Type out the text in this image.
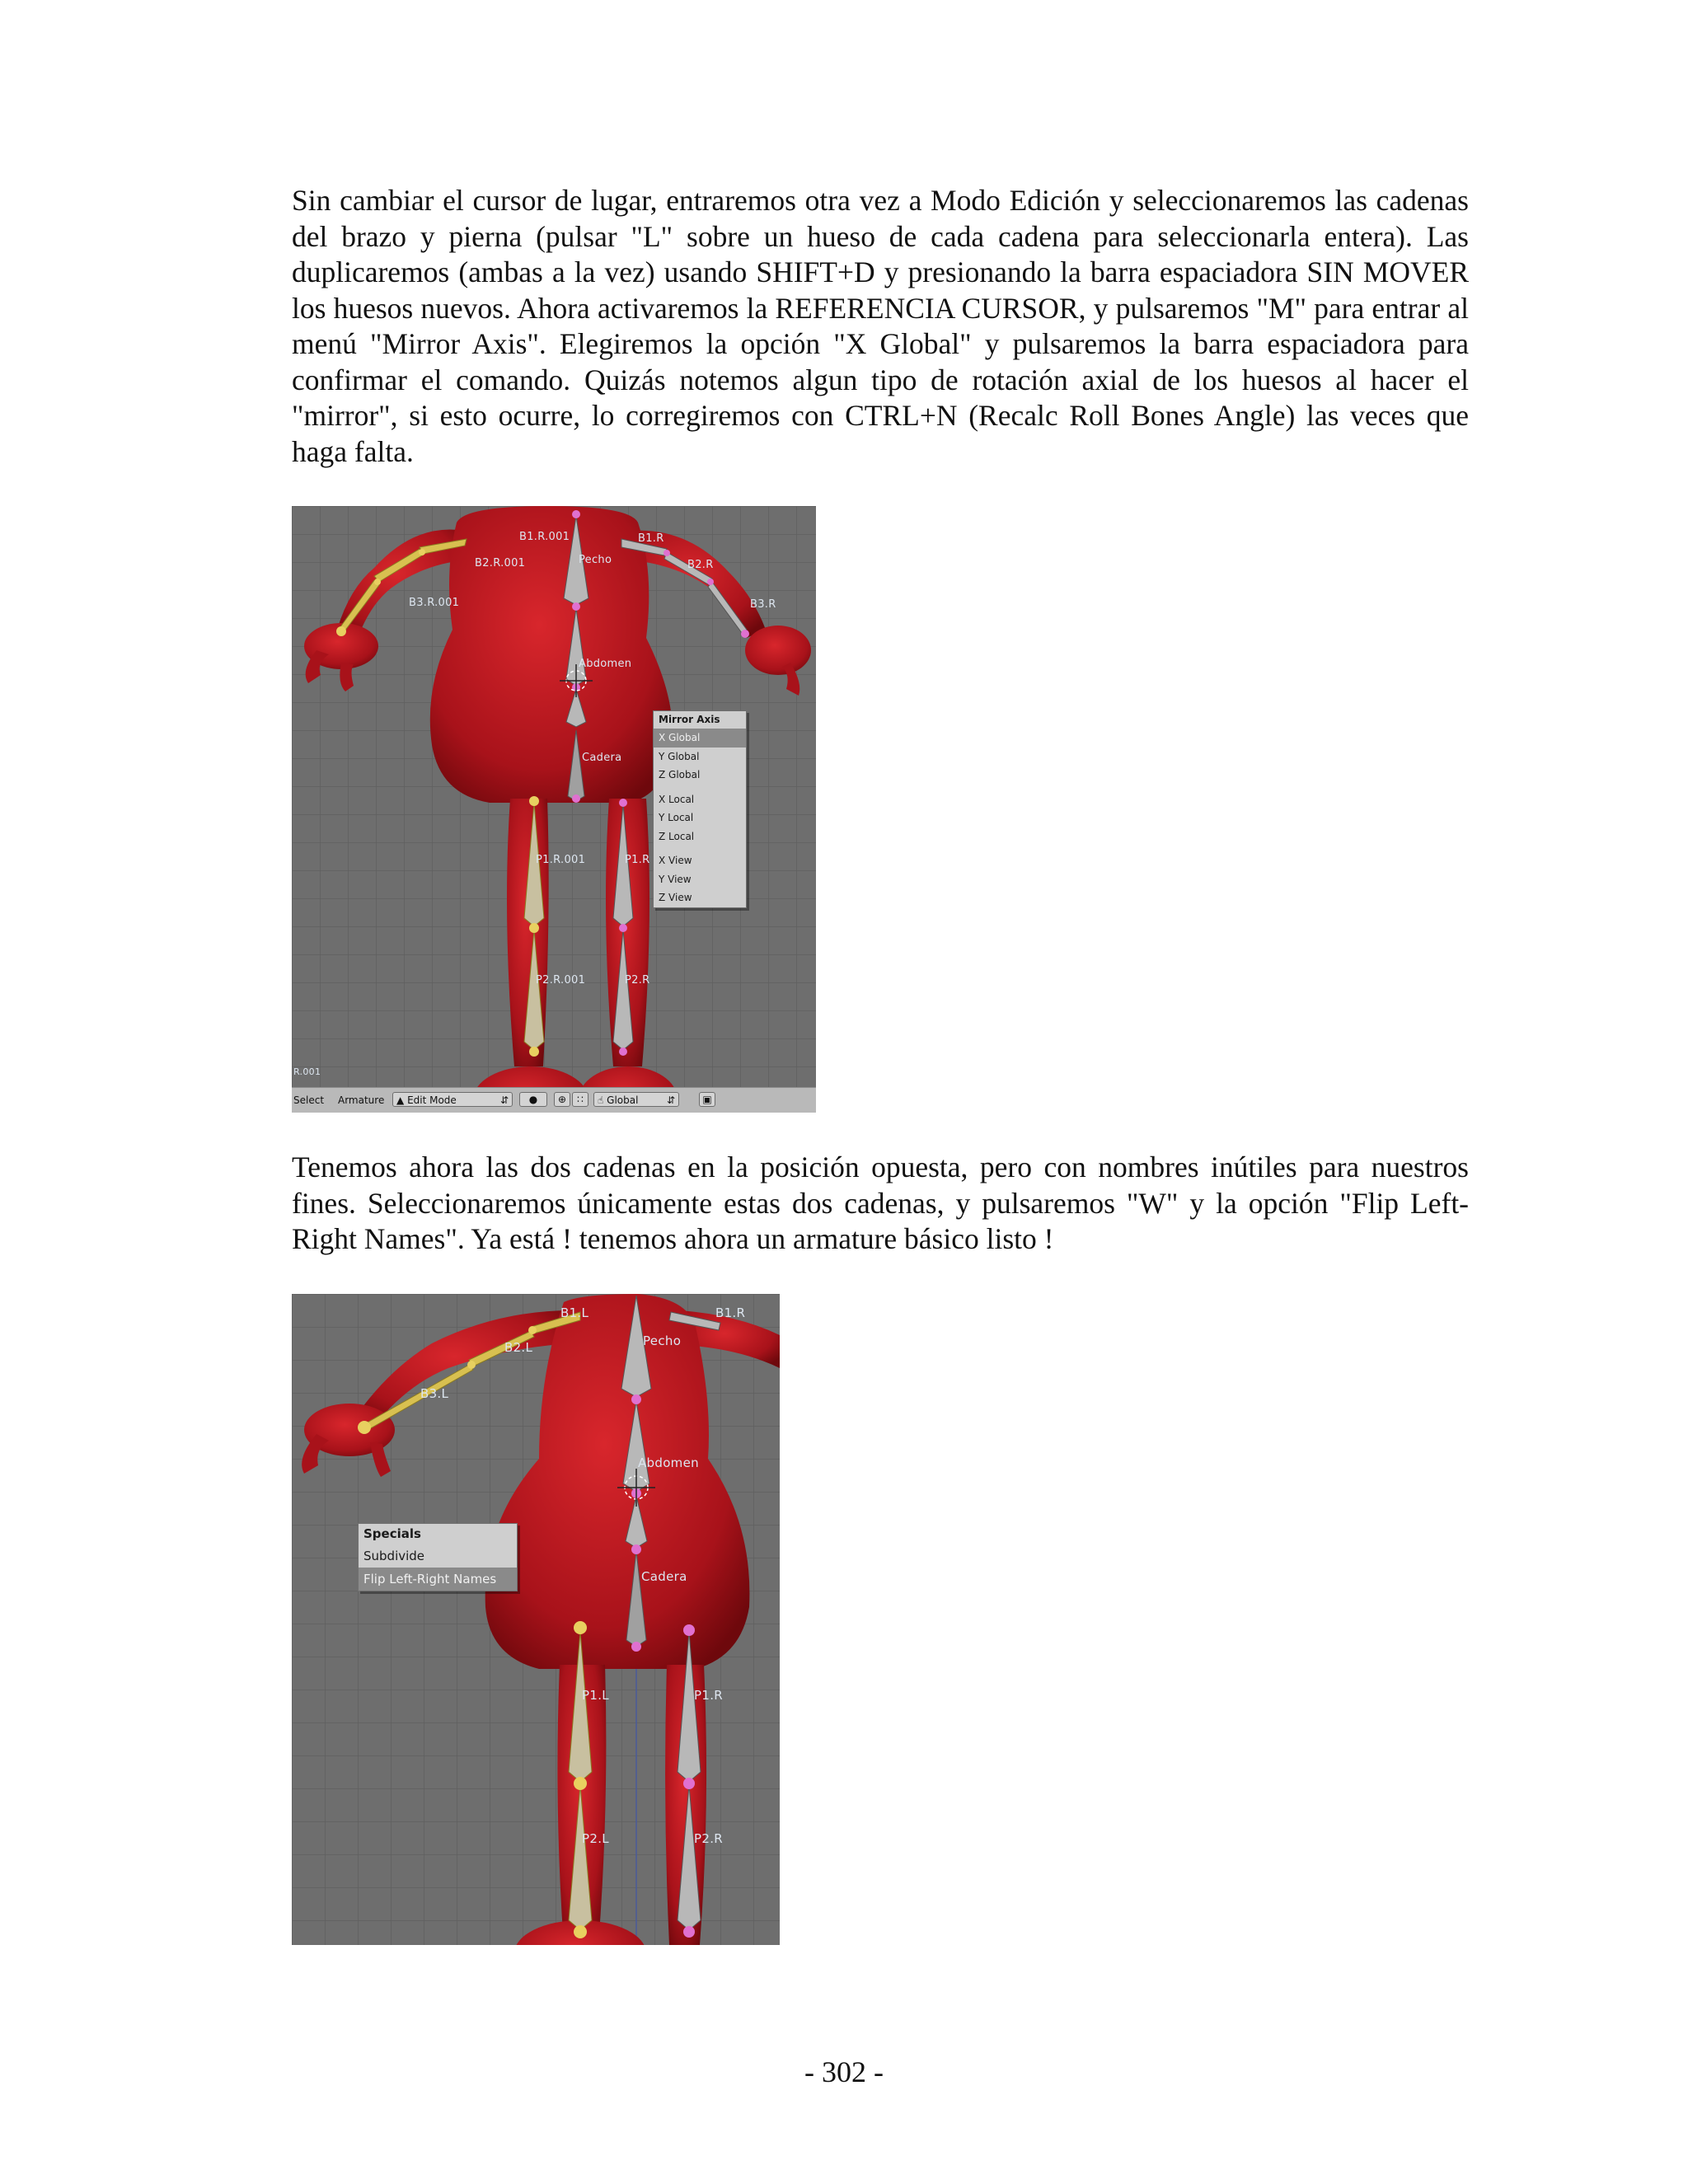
Sin cambiar el cursor de lugar, entraremos otra vez a Modo Edición y seleccionaremos las cadenas del brazo y pierna (pulsar "L" sobre un hueso de cada cadena para seleccionarla entera). Las duplicaremos (ambas a la vez) usando SHIFT+D y presionando la barra espaciadora SIN MOVER los huesos nuevos. Ahora activaremos la REFERENCIA CURSOR, y pulsaremos "M" para entrar al menú "Mirror Axis". Elegiremos la opción "X Global" y pulsaremos la barra espaciadora para confirmar el comando. Quizás notemos algun tipo de rotación axial de los huesos al hacer el "mirror", si esto ocurre, lo corregiremos con CTRL+N (Recalc Roll Bones Angle) las veces que haga falta.

B1.R.001
B2.R.001
B3.R.001
B1.R
B2.R
B3.R
Pecho
Abdomen
Cadera
P1.R.001	P1.R
P2.R.001	P2.R
R.001
Mirror Axis
X Global
Y Global
Z Global
X Local
Y Local
Z Local
X View
Y View
Z View
Select Armature	▲ Edit Mode	⇵	●	⊕	∷	☝ Global	⇵	▣

Tenemos ahora las dos cadenas en la posición opuesta, pero con nombres inútiles para nuestros fines. Seleccionaremos únicamente estas dos cadenas, y pulsaremos "W" y la opción "Flip Left-Right Names". Ya está ! tenemos ahora un armature básico listo !

B1.L
B2.L
B3.L
B1.R
Pecho
Abdomen
Cadera
P1.L	P1.R
P2.L	P2.R
Specials
Subdivide
Flip Left-Right Names
- 302 -
